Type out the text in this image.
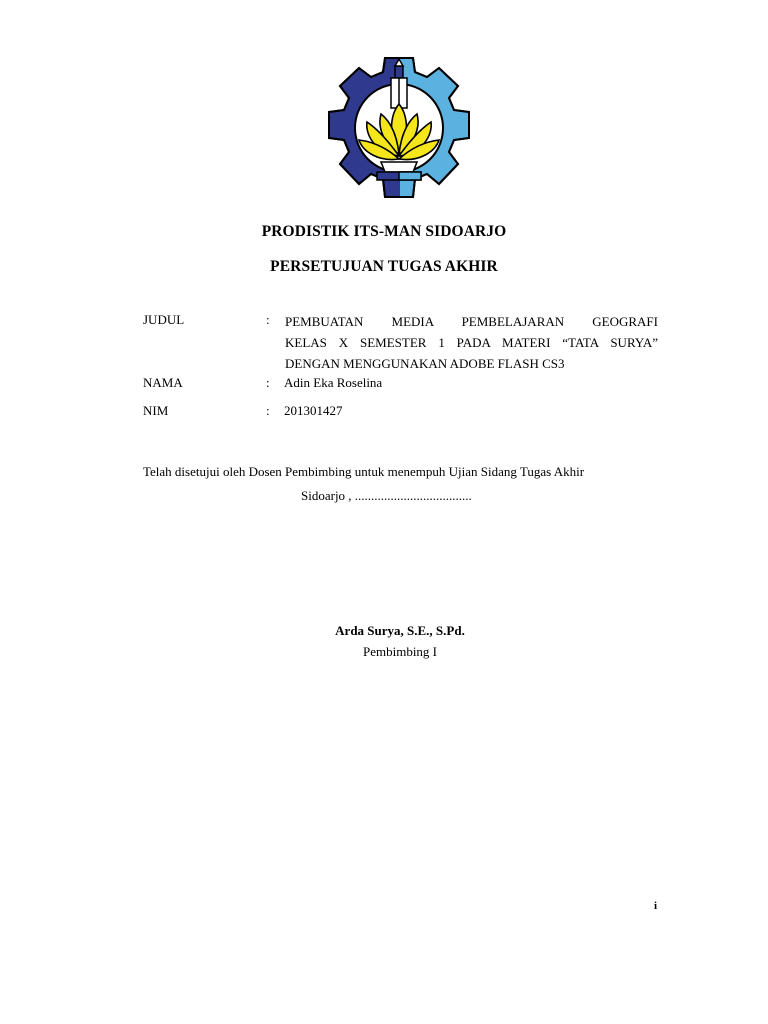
PRODISTIK ITS-MAN SIDOARJO
PERSETUJUAN TUGAS AKHIR
JUDUL	: PEMBUATAN MEDIA PEMBELAJARAN GEOGRAFI
KELAS X SEMESTER 1 PADA MATERI “TATA SURYA”
DENGAN MENGGUNAKAN ADOBE FLASH CS3
NAMA	: Adin Eka Roselina
NIM	: 201301427
Telah disetujui oleh Dosen Pembimbing untuk menempuh Ujian Sidang Tugas Akhir
Sidoarjo , ....................................
Arda Surya, S.E., S.Pd.
Pembimbing I
i
